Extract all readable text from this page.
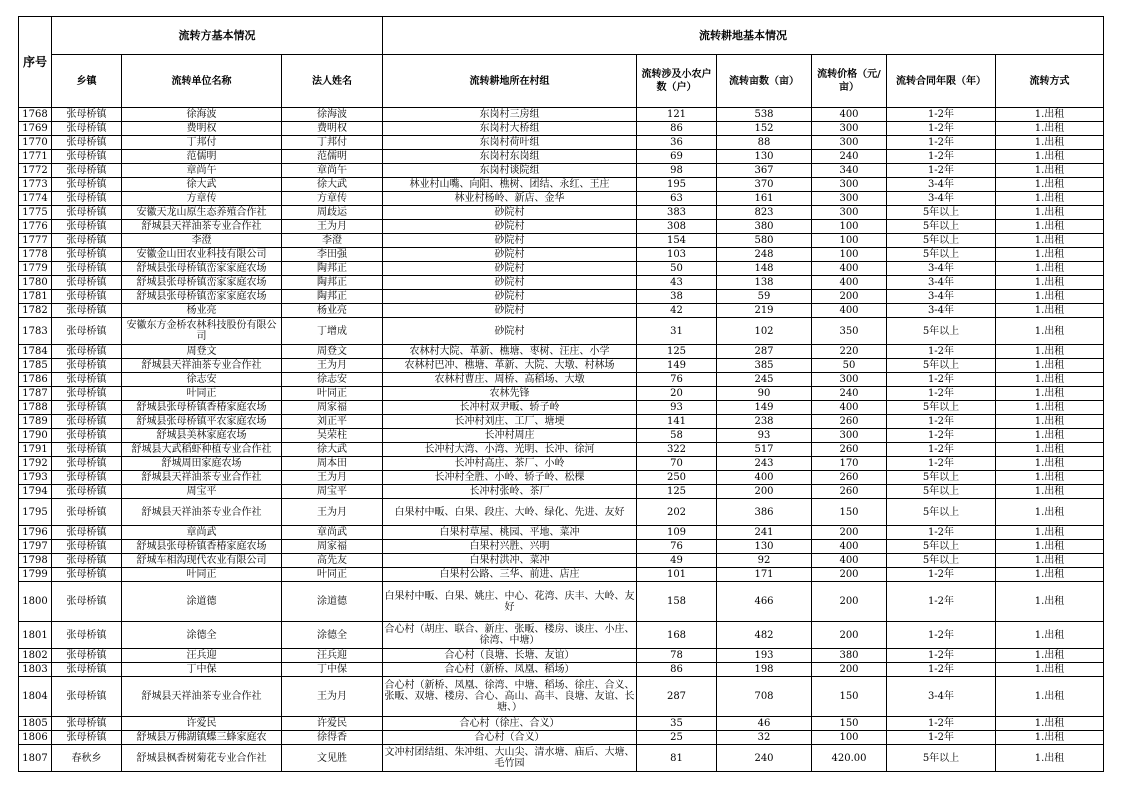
序号	流转方基本情况			流转耕地基本情况					
	乡镇	流转单位名称	法人姓名	流转耕地所在村组	流转涉及小农户数（户）	流转亩数（亩）	流转价格（元/亩）	流转合同年限（年）	流转方式
1768	张母桥镇	徐海波	徐海波	东岗村三房组	121	538	400	1-2年	1.出租
1769	张母桥镇	费明权	费明权	东岗村大桥组	86	152	300	1-2年	1.出租
1770	张母桥镇	丁邦付	丁邦付	东岗村荷叶组	36	88	300	1-2年	1.出租
1771	张母桥镇	范儒明	范儒明	东岗村东岗组	69	130	240	1-2年	1.出租
1772	张母桥镇	章尚午	章尚午	东岗村谈院组	98	367	340	1-2年	1.出租
1773	张母桥镇	徐大武	徐大武	林业村山嘴、向阳、樵树、团结、永红、王庄	195	370	300	3-4年	1.出租
1774	张母桥镇	方章传	方章传	林业村杨岭、新店、金华	63	161	300	3-4年	1.出租
1775	张母桥镇	安徽天龙山原生态养殖合作社	周歧运	砂院村	383	823	300	5年以上	1.出租
1776	张母桥镇	舒城县天祥油茶专业合作社	王为月	砂院村	308	380	100	5年以上	1.出租
1777	张母桥镇	李澄	李澄	砂院村	154	580	100	5年以上	1.出租
1778	张母桥镇	安徽金山田农业科技有限公司	李田强	砂院村	103	248	100	5年以上	1.出租
1779	张母桥镇	舒城县张母桥镇峦家家庭农场	陶邦正	砂院村	50	148	400	3-4年	1.出租
1780	张母桥镇	舒城县张母桥镇峦家家庭农场	陶邦正	砂院村	43	138	400	3-4年	1.出租
1781	张母桥镇	舒城县张母桥镇峦家家庭农场	陶邦正	砂院村	38	59	200	3-4年	1.出租
1782	张母桥镇	杨业亮	杨业亮	砂院村	42	219	400	3-4年	1.出租
1783	张母桥镇	安徽东方金桥农林科技股份有限公司	丁增成	砂院村	31	102	350	5年以上	1.出租
1784	张母桥镇	周登文	周登文	农林村大院、革新、樵塘、枣树、汪庄、小学	125	287	220	1-2年	1.出租
1785	张母桥镇	舒城县天祥油茶专业合作社	王为月	农林村巴冲、樵塘、革新、大院、大墩、村林场	149	385	50	5年以上	1.出租
1786	张母桥镇	徐志安	徐志安	农林村曹庄、周桥、高稻场、大墩	76	245	300	1-2年	1.出租
1787	张母桥镇	叶同正	叶同正	农林先锋	20	90	240	1-2年	1.出租
1788	张母桥镇	舒城县张母桥镇香椿家庭农场	周家福	长冲村双尹畈、轿子岭	93	149	400	5年以上	1.出租
1789	张母桥镇	舒城县张母桥镇平农家庭农场	刘正平	长冲村刘庄、工厂、塘埂	141	238	260	1-2年	1.出租
1790	张母桥镇	舒城县美林家庭农场	吴荣柱	长冲村周庄	58	93	300	1-2年	1.出租
1791	张母桥镇	舒城县大武稻虾种植专业合作社	徐大武	长冲村大湾、小湾、光明、长冲、徐河	322	517	260	1-2年	1.出租
1792	张母桥镇	舒城周田家庭农场	周本田	长冲村高庄、茶厂、小岭	70	243	170	1-2年	1.出租
1793	张母桥镇	舒城县天祥油茶专业合作社	王为月	长冲村全胜、小岭、轿子岭、松棵	250	400	260	5年以上	1.出租
1794	张母桥镇	周宝平	周宝平	长冲村张岭、茶厂	125	200	260	5年以上	1.出租
1795	张母桥镇	舒城县天祥油茶专业合作社	王为月	白果村中畈、白果、段庄、大岭、绿化、先进、友好	202	386	150	5年以上	1.出租
1796	张母桥镇	章尚武	章尚武	白果村草屋、桃园、平地、菜冲	109	241	200	1-2年	1.出租
1797	张母桥镇	舒城县张母桥镇香椿家庭农场	周家福	白果村兴胜、兴明	76	130	400	5年以上	1.出租
1798	张母桥镇	舒城车相沟现代农业有限公司	高先友	白果村洪冲、菜冲	49	92	400	5年以上	1.出租
1799	张母桥镇	叶同正	叶同正	白果村公路、三华、前进、店庄	101	171	200	1-2年	1.出租
1800	张母桥镇	涂道德	涂道德	白果村中畈、白果、姚庄、中心、花湾、庆丰、大岭、友好	158	466	200	1-2年	1.出租
1801	张母桥镇	涂德全	涂德全	合心村（胡庄、联合、新庄、张畈、楼房、谈庄、小庄、徐湾、中塘）	168	482	200	1-2年	1.出租
1802	张母桥镇	汪兵迎	汪兵迎	合心村（良塘、长塘、友谊）	78	193	380	1-2年	1.出租
1803	张母桥镇	丁中保	丁中保	合心村（新桥、凤凰、稻场）	86	198	200	1-2年	1.出租
1804	张母桥镇	舒城县天祥油茶专业合作社	王为月	合心村（新桥、凤凰、徐湾、中塘、稻场、徐庄、合义、张畈、双塘、楼房、合心、高山、高丰、良塘、友谊、长塘、）	287	708	150	3-4年	1.出租
1805	张母桥镇	许爱民	许爱民	合心村（徐庄、合义）	35	46	150	1-2年	1.出租
1806	张母桥镇	舒城县万佛湖镇蝶三蜂家庭农	徐得香	合心村（合义）	25	32	100	1-2年	1.出租
1807	春秋乡	舒城县枫香树菊花专业合作社	文见胜	文冲村团结组、朱冲组、大山尖、清水塘、庙后、大塘、毛竹园	81	240	420.00	5年以上	1.出租
